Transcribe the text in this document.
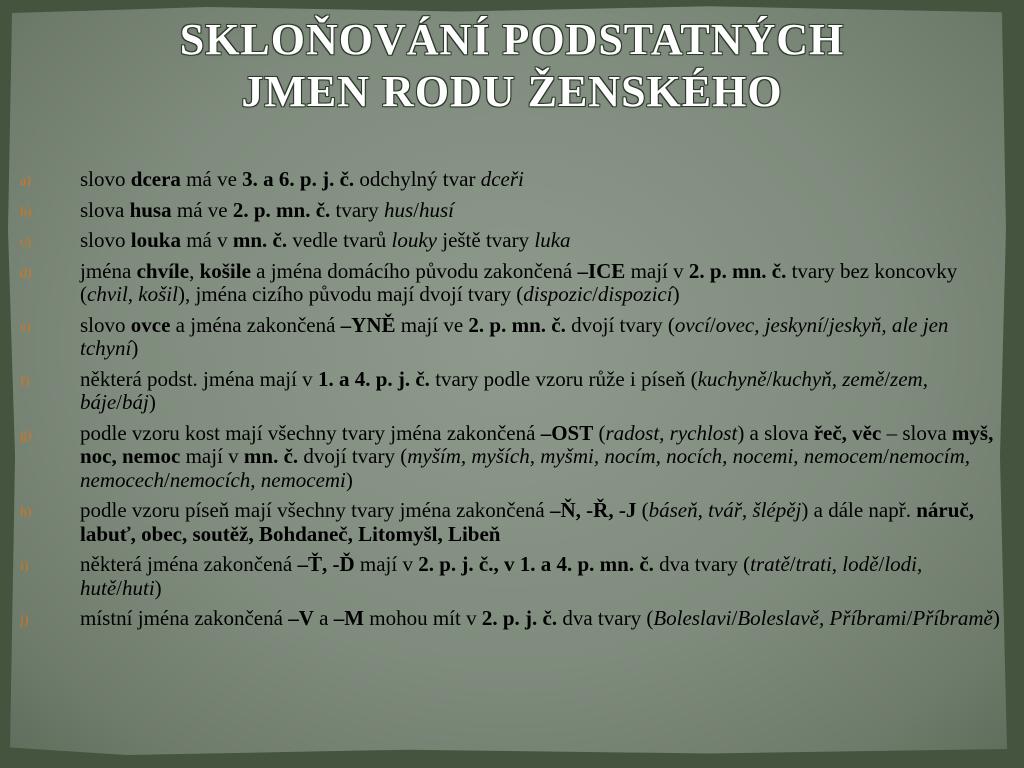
SKLOŇOVÁNÍ PODSTATNÝCH
JMEN RODU ŽENSKÉHO
a) slovo dcera má ve 3. a 6. p. j. č. odchylný tvar dceři
b) slova husa má ve 2. p. mn. č. tvary hus/husí
c) slovo louka má v mn. č. vedle tvarů louky ještě tvary luka
d) jména chvíle, košile a jména domácího původu zakončená –ICE mají v 2. p. mn. č. tvary bez koncovky (chvil, košil), jména cizího původu mají dvojí tvary (dispozic/dispozicí)
e) slovo ovce a jména zakončená –YNĚ mají ve 2. p. mn. č. dvojí tvary (ovcí/ovec, jeskyní/jeskyň, ale jen tchyní)
f) některá podst. jména mají v 1. a 4. p. j. č. tvary podle vzoru růže i píseň (kuchyně/kuchyň, země/zem, báje/báj)
g) podle vzoru kost mají všechny tvary jména zakončená –OST (radost, rychlost) a slova řeč, věc – slova myš, noc, nemoc mají v mn. č. dvojí tvary (myším, myších, myšmi, nocím, nocích, nocemi, nemocem/nemocím, nemocech/nemocích, nemocemi)
h) podle vzoru píseň mají všechny tvary jména zakončená –Ň, -Ř, -J (báseň, tvář, šlépěj) a dále např. náruč, labuť, obec, soutěž, Bohdaneč, Litomyšl, Libeň
i) některá jména zakončená –Ť, -Ď mají v 2. p. j. č., v 1. a 4. p. mn. č. dva tvary (tratě/trati, lodě/lodi, hutě/huti)
j) místní jména zakončená –V a –M mohou mít v 2. p. j. č. dva tvary (Boleslavi/Boleslavě, Příbrami/Příbramě)
